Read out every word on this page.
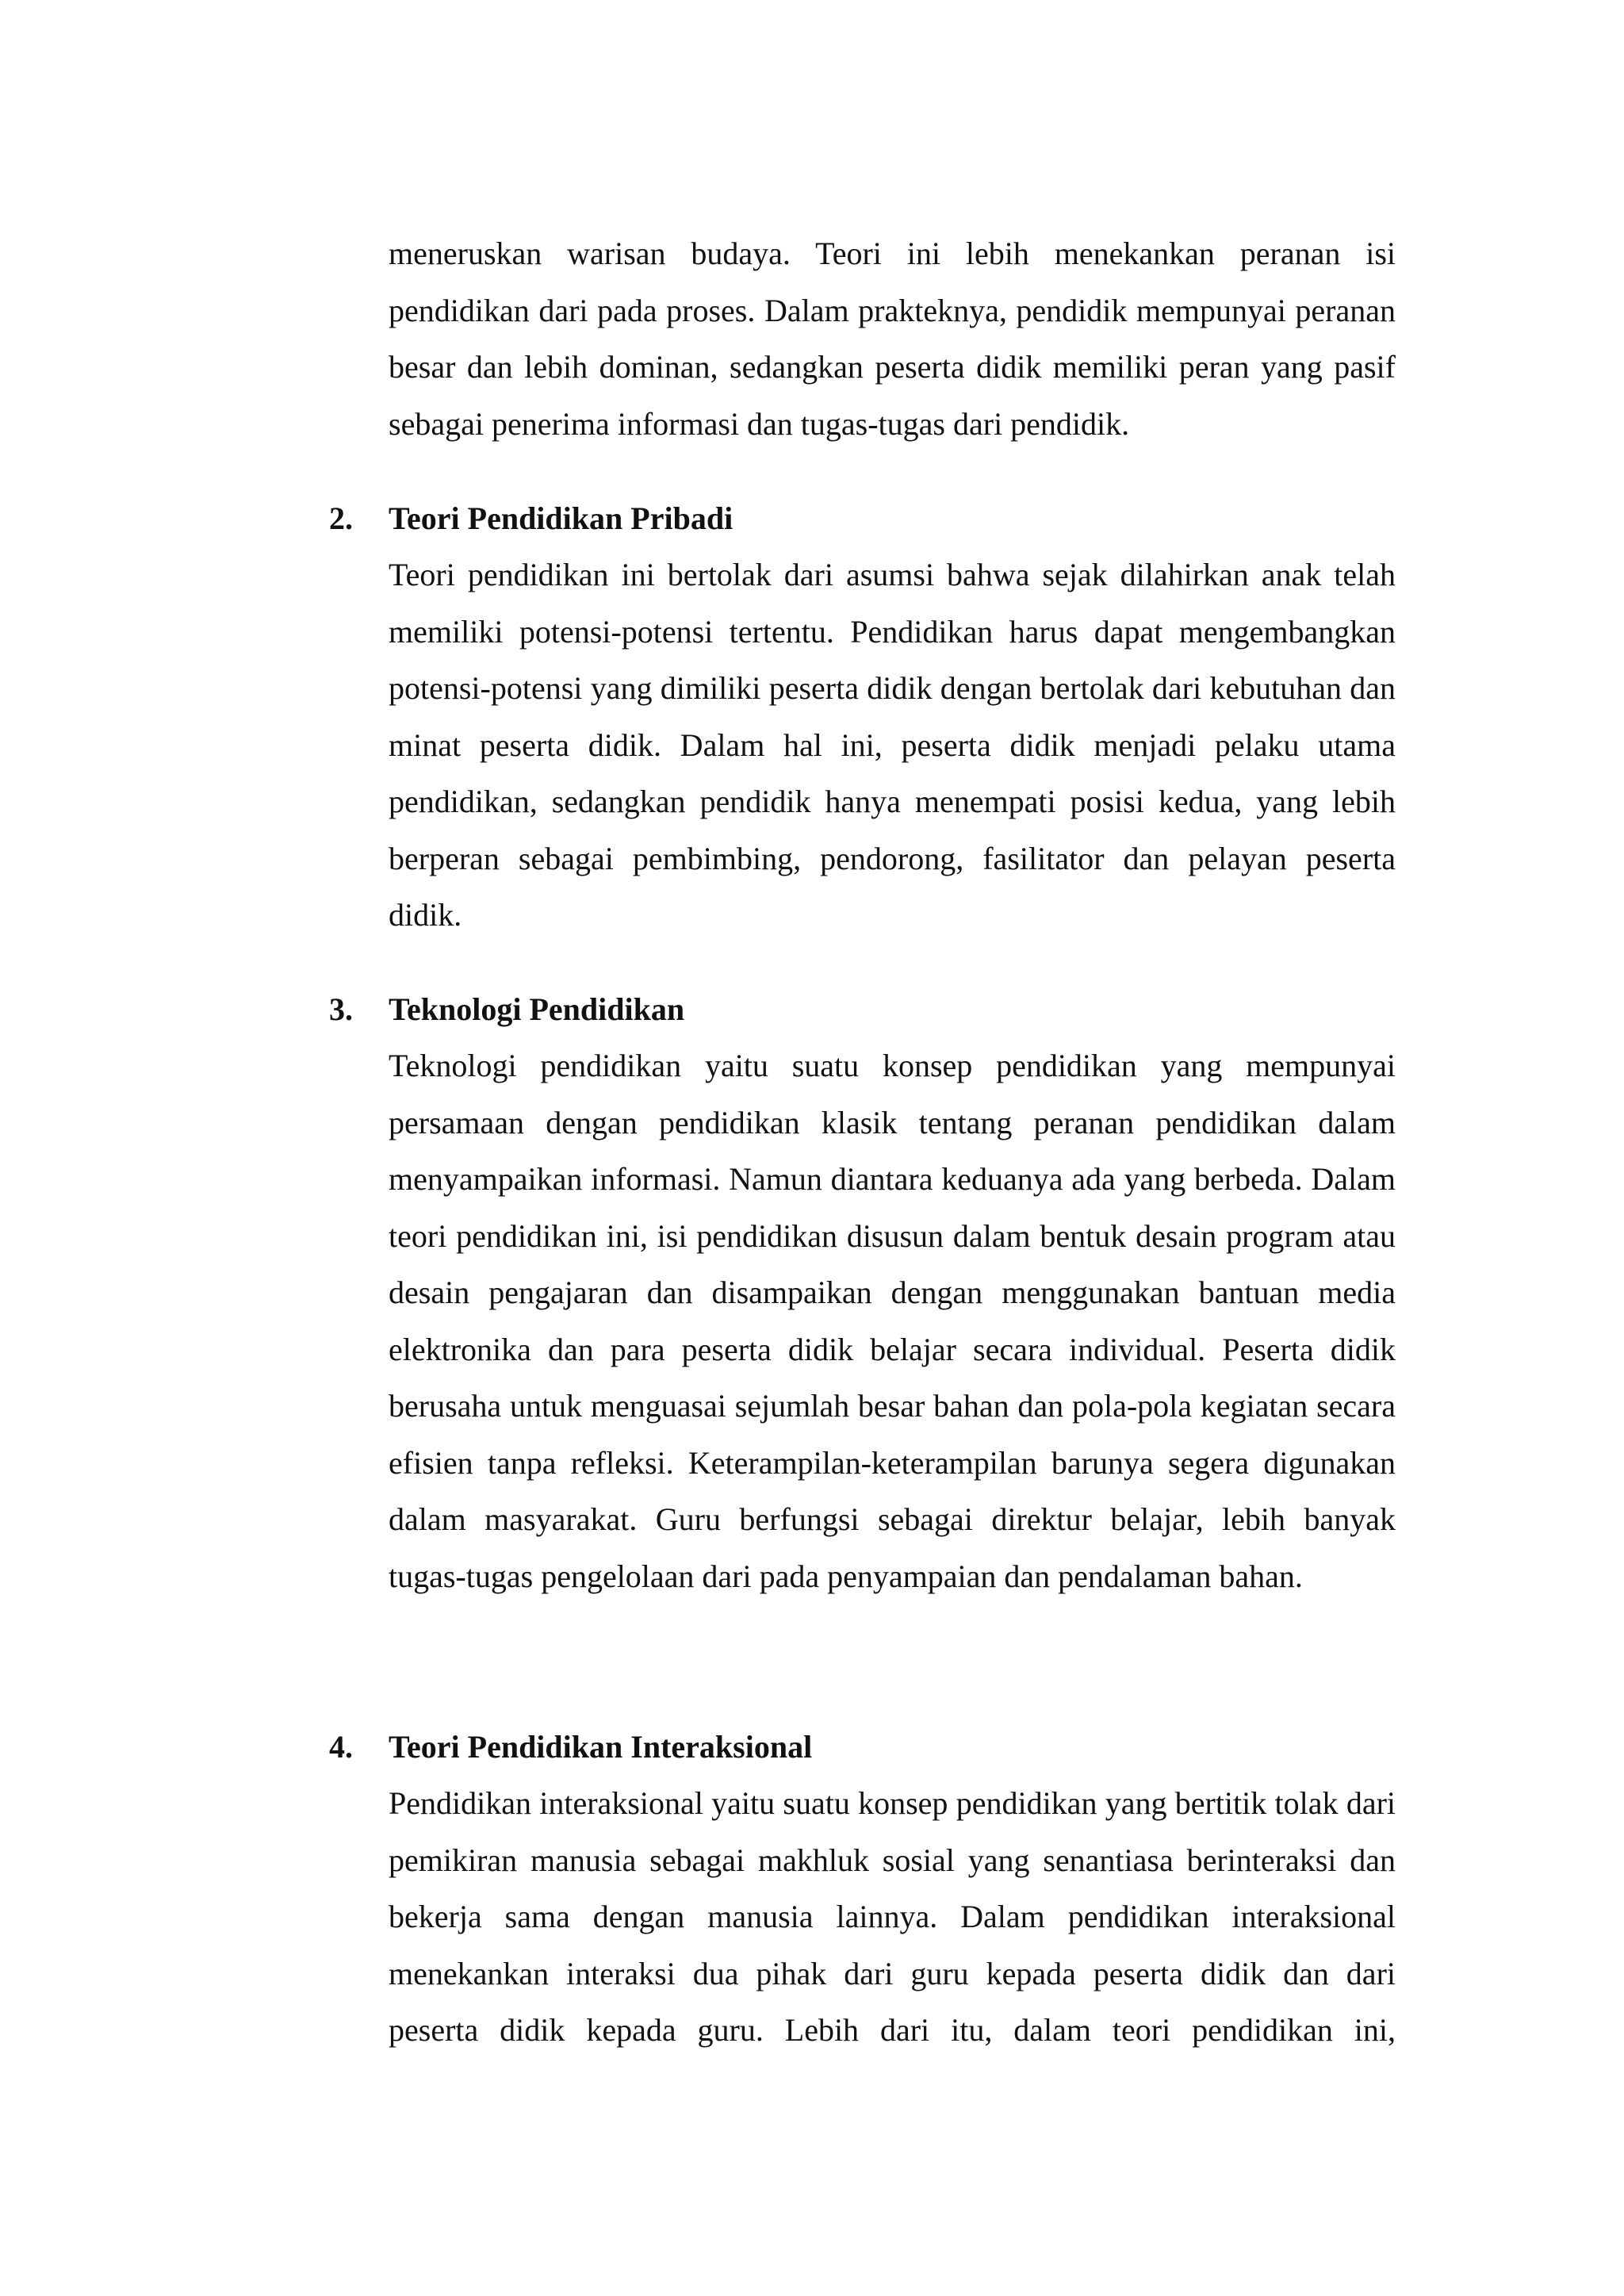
meneruskan warisan budaya. Teori ini lebih menekankan peranan isi pendidikan dari pada proses. Dalam prakteknya, pendidik mempunyai peranan besar dan lebih dominan, sedangkan peserta didik memiliki peran yang pasif sebagai penerima informasi dan tugas-tugas dari pendidik.

2. Teori Pendidikan Pribadi

Teori pendidikan ini bertolak dari asumsi bahwa sejak dilahirkan anak telah memiliki potensi-potensi tertentu. Pendidikan harus dapat mengembangkan potensi-potensi yang dimiliki peserta didik dengan bertolak dari kebutuhan dan minat peserta didik. Dalam hal ini, peserta didik menjadi pelaku utama pendidikan, sedangkan pendidik hanya menempati posisi kedua, yang lebih berperan sebagai pembimbing, pendorong, fasilitator dan pelayan peserta didik.

3. Teknologi Pendidikan

Teknologi pendidikan yaitu suatu konsep pendidikan yang mempunyai persamaan dengan pendidikan klasik tentang peranan pendidikan dalam menyampaikan informasi. Namun diantara keduanya ada yang berbeda. Dalam teori pendidikan ini, isi pendidikan disusun dalam bentuk desain program atau desain pengajaran dan disampaikan dengan menggunakan bantuan media elektronika dan para peserta didik belajar secara individual. Peserta didik berusaha untuk menguasai sejumlah besar bahan dan pola-pola kegiatan secara efisien tanpa refleksi. Keterampilan-keterampilan barunya segera digunakan dalam masyarakat. Guru berfungsi sebagai direktur belajar, lebih banyak tugas-tugas pengelolaan dari pada penyampaian dan pendalaman bahan.

4. Teori Pendidikan Interaksional

Pendidikan interaksional yaitu suatu konsep pendidikan yang bertitik tolak dari pemikiran manusia sebagai makhluk sosial yang senantiasa berinteraksi dan bekerja sama dengan manusia lainnya. Dalam pendidikan interaksional menekankan interaksi dua pihak dari guru kepada peserta didik dan dari peserta didik kepada guru. Lebih dari itu, dalam teori pendidikan ini,
